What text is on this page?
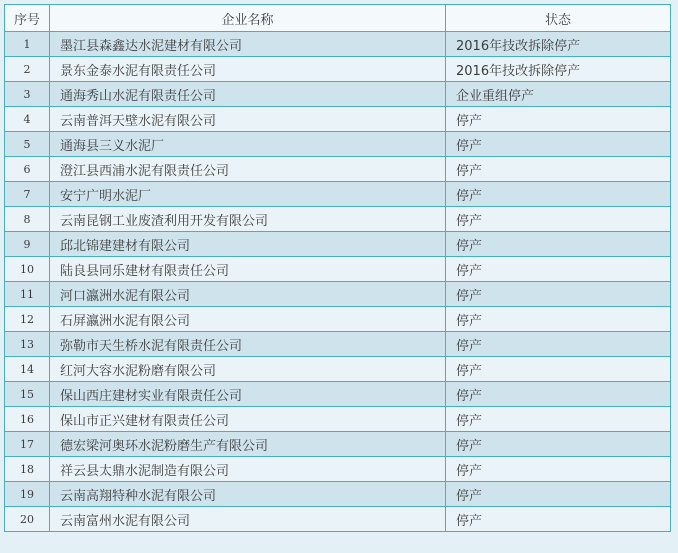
序号	企业名称	状态
1	墨江县森鑫达水泥建材有限公司	2016年技改拆除停产
2	景东金泰水泥有限责任公司	2016年技改拆除停产
3	通海秀山水泥有限责任公司	企业重组停产
4	云南普洱天壁水泥有限公司	停产
5	通海县三义水泥厂	停产
6	澄江县西浦水泥有限责任公司	停产
7	安宁广明水泥厂	停产
8	云南昆钢工业废渣利用开发有限公司	停产
9	邱北锦建建材有限公司	停产
10	陆良县同乐建材有限责任公司	停产
11	河口瀛洲水泥有限公司	停产
12	石屏瀛洲水泥有限公司	停产
13	弥勒市天生桥水泥有限责任公司	停产
14	红河大容水泥粉磨有限公司	停产
15	保山西庄建材实业有限责任公司	停产
16	保山市正兴建材有限责任公司	停产
17	德宏梁河奥环水泥粉磨生产有限公司	停产
18	祥云县太鼎水泥制造有限公司	停产
19	云南高翔特种水泥有限公司	停产
20	云南富州水泥有限公司	停产
